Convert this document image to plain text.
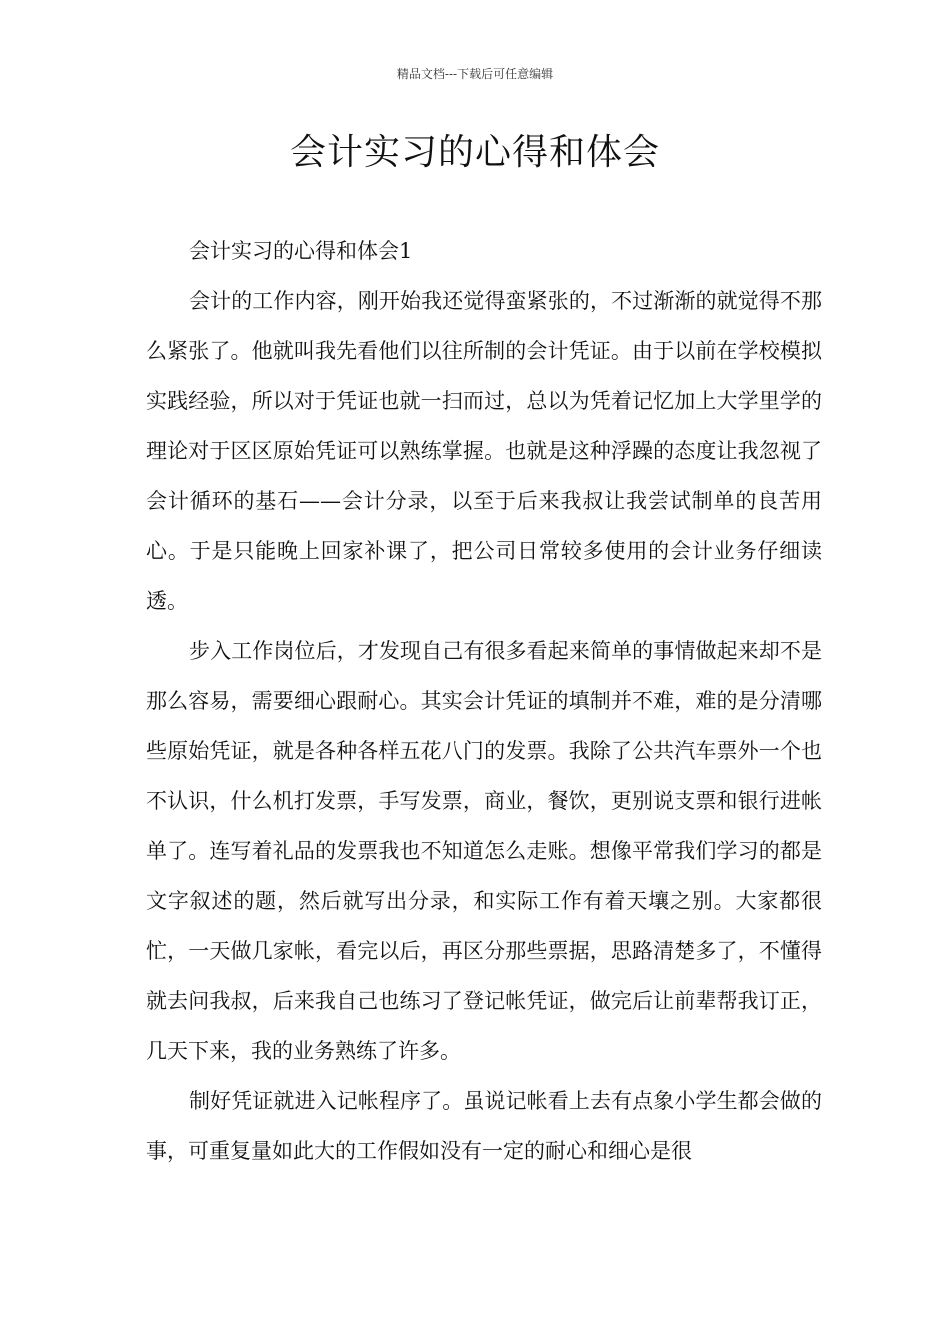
精品文档---下载后可任意编辑
会计实习的心得和体会

会计实习的心得和体会1

会计的工作内容，刚开始我还觉得蛮紧张的，不过渐渐的就觉得不那么紧张了。他就叫我先看他们以往所制的会计凭证。由于以前在学校模拟实践经验，所以对于凭证也就一扫而过，总以为凭着记忆加上大学里学的理论对于区区原始凭证可以熟练掌握。也就是这种浮躁的态度让我忽视了会计循环的基石——会计分录，以至于后来我叔让我尝试制单的良苦用心。于是只能晚上回家补课了，把公司日常较多使用的会计业务仔细读透。

步入工作岗位后，才发现自己有很多看起来简单的事情做起来却不是那么容易，需要细心跟耐心。其实会计凭证的填制并不难，难的是分清哪些原始凭证，就是各种各样五花八门的发票。我除了公共汽车票外一个也不认识，什么机打发票，手写发票，商业，餐饮，更别说支票和银行进帐单了。连写着礼品的发票我也不知道怎么走账。想像平常我们学习的都是文字叙述的题，然后就写出分录，和实际工作有着天壤之别。大家都很忙，一天做几家帐，看完以后，再区分那些票据，思路清楚多了，不懂得就去问我叔，后来我自己也练习了登记帐凭证，做完后让前辈帮我订正，几天下来，我的业务熟练了许多。

制好凭证就进入记帐程序了。虽说记帐看上去有点象小学生都会做的事，可重复量如此大的工作假如没有一定的耐心和细心是很
